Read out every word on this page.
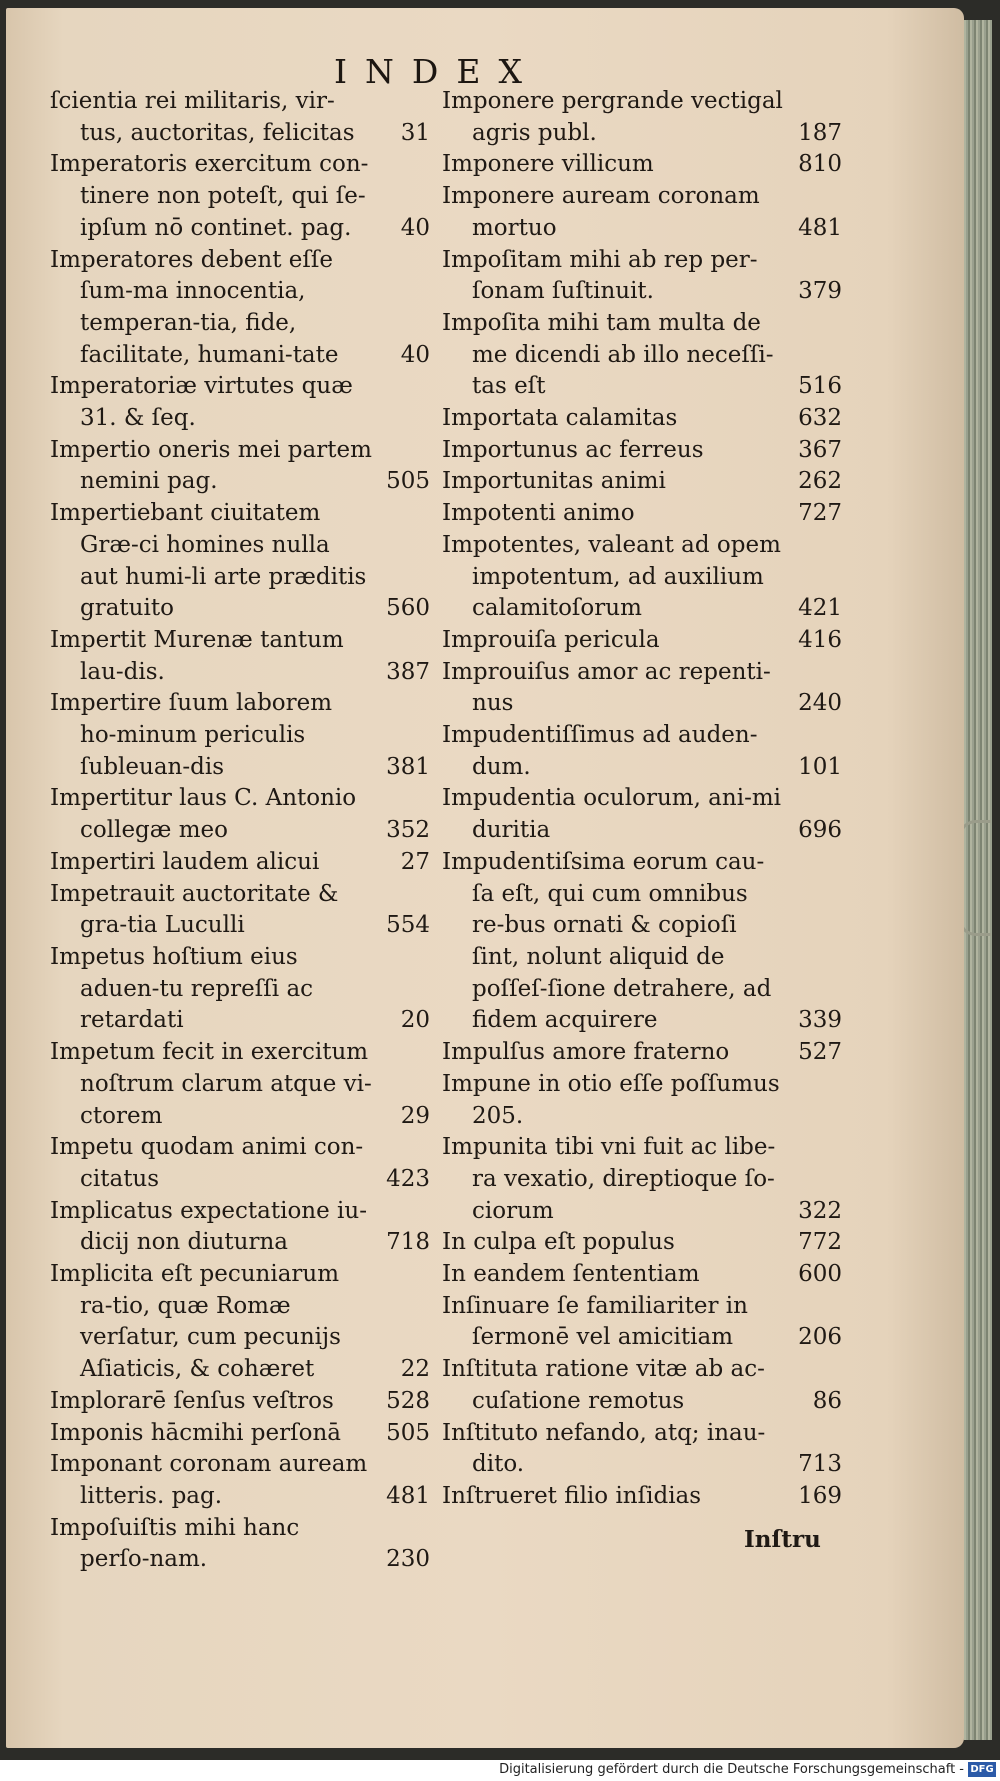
INDEX
ſcientia rei militaris, vir-tus, auctoritas, felicitas	31
Imperatoris exercitum con-tinere non poteſt, qui ſe-ipſum nō continet. pag.	40
Imperatores debent eſſe ſum-ma innocentia, temperan-tia, fide, facilitate, humani-tate	40
Imperatoriæ virtutes quæ 31. & ſeq.
Impertio oneris mei partem nemini pag.	505
Impertiebant ciuitatem Græ-ci homines nulla aut humi-li arte præditis gratuito	560
Impertit Murenæ tantum lau-dis.	387
Impertire ſuum laborem ho-minum periculis ſubleuan-dis	381
Impertitur laus C. Antonio collegæ meo	352
Impertiri laudem alicui	27
Impetrauit auctoritate & gra-tia Luculli	554
Impetus hoſtium eius aduen-tu repreſſi ac retardati	20
Impetum fecit in exercitum noſtrum clarum atque vi-ctorem	29
Impetu quodam animi con-citatus	423
Implicatus expectatione iu-dicij non diuturna	718
Implicita eſt pecuniarum ra-tio, quæ Romæ verſatur, cum pecunijs Aſiaticis, & cohæret	22
Implorarē ſenſus veſtros	528
Imponis hācmihi perſonā	505
Imponant coronam auream litteris. pag.	481
Impoſuiſtis mihi hanc perſo-nam.	230
Imponere pergrande vectigal agris publ.	187
Imponere villicum	810
Imponere auream coronam mortuo	481
Impoſitam mihi ab rep per-ſonam ſuſtinuit.	379
Impoſita mihi tam multa de me dicendi ab illo neceſſi-tas eſt	516
Importata calamitas	632
Importunus ac ferreus	367
Importunitas animi	262
Impotenti animo	727
Impotentes, valeant ad opem impotentum, ad auxilium calamitoſorum	421
Improuiſa pericula	416
Improuiſus amor ac repenti-nus	240
Impudentiſſimus ad auden-dum.	101
Impudentia oculorum, ani-mi duritia	696
Impudentiſsima eorum cau-ſa eſt, qui cum omnibus re-bus ornati & copioſi ſint, nolunt aliquid de poſſeſ-ſione detrahere, ad fidem acquirere	339
Impulſus amore fraterno	527
Impune in otio eſſe poſſumus 205.
Impunita tibi vni fuit ac libe-ra vexatio, direptioque ſo-ciorum	322
In culpa eſt populus	772
In eandem ſententiam	600
Inſinuare ſe familiariter in ſermonē vel amicitiam	206
Inſtituta ratione vitæ ab ac-cuſatione remotus	86
Inſtituto nefando, atq; inau-dito.	713
Inſtrueret filio inſidias	169
Inſtru
Digitalisierung gefördert durch die Deutsche Forschungsgemeinschaft - DFG
